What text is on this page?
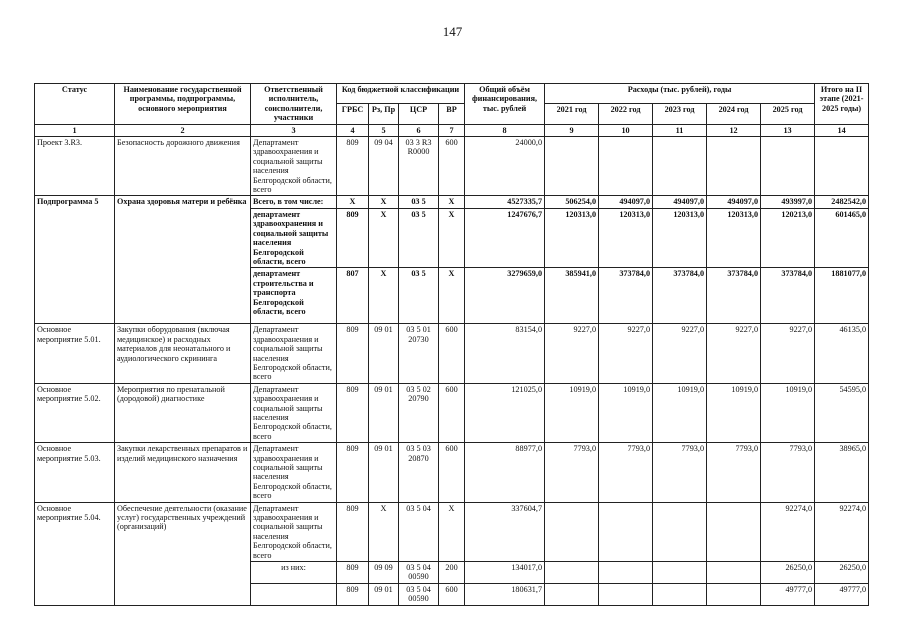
147
Статус	Наименование государственной программы, подпрограммы, основного мероприятия	Ответственный исполнитель, соисполнители, участники	Код бюджетной классификации				Общий объём финансирования, тыс. рублей	Расходы (тыс. рублей), годы					Итого на II этапе (2021-2025 годы)
			ГРБС	Рз, Пр	ЦСР	ВР		2021 год	2022 год	2023 год	2024 год	2025 год	
1	2	3	4	5	6	7	8	9	10	11	12	13	14
Проект 3.R3.	Безопасность дорожного движения	Департамент здравоохранения и социальной защиты населения Белгородской области, всего	809	09 04	03 3 R3 R0000	600	24000,0						
Подпрограмма 5	Охрана здоровья матери и ребёнка	Всего, в том числе:	Х	Х	03 5	Х	4527335,7	506254,0	494097,0	494097,0	494097,0	493997,0	2482542,0
		департамент здравоохранения и социальной защиты населения Белгородской области, всего	809	Х	03 5	Х	1247676,7	120313,0	120313,0	120313,0	120313,0	120213,0	601465,0
		департамент строительства и транспорта Белгородской области, всего	807	Х	03 5	Х	3279659,0	385941,0	373784,0	373784,0	373784,0	373784,0	1881077,0
Основное мероприятие 5.01.	Закупки оборудования (включая медицинское) и расходных материалов для неонатального и аудиологического скрининга	Департамент здравоохранения и социальной защиты населения Белгородской области, всего	809	09 01	03 5 01 20730	600	83154,0	9227,0	9227,0	9227,0	9227,0	9227,0	46135,0
Основное мероприятие 5.02.	Мероприятия по пренатальной (дородовой) диагностике	Департамент здравоохранения и социальной защиты населения Белгородской области, всего	809	09 01	03 5 02 20790	600	121025,0	10919,0	10919,0	10919,0	10919,0	10919,0	54595,0
Основное мероприятие 5.03.	Закупки лекарственных препаратов и изделий медицинского назначения	Департамент здравоохранения и социальной защиты населения Белгородской области, всего	809	09 01	03 5 03 20870	600	88977,0	7793,0	7793,0	7793,0	7793,0	7793,0	38965,0
Основное мероприятие 5.04.	Обеспечение деятельности (оказание услуг) государственных учреждений (организаций)	Департамент здравоохранения и социальной защиты населения Белгородской области, всего	809	Х	03 5 04	Х	337604,7					92274,0	92274,0
		из них:	809	09 09	03 5 04 00590	200	134017,0					26250,0	26250,0
			809	09 01	03 5 04 00590	600	180631,7					49777,0	49777,0
